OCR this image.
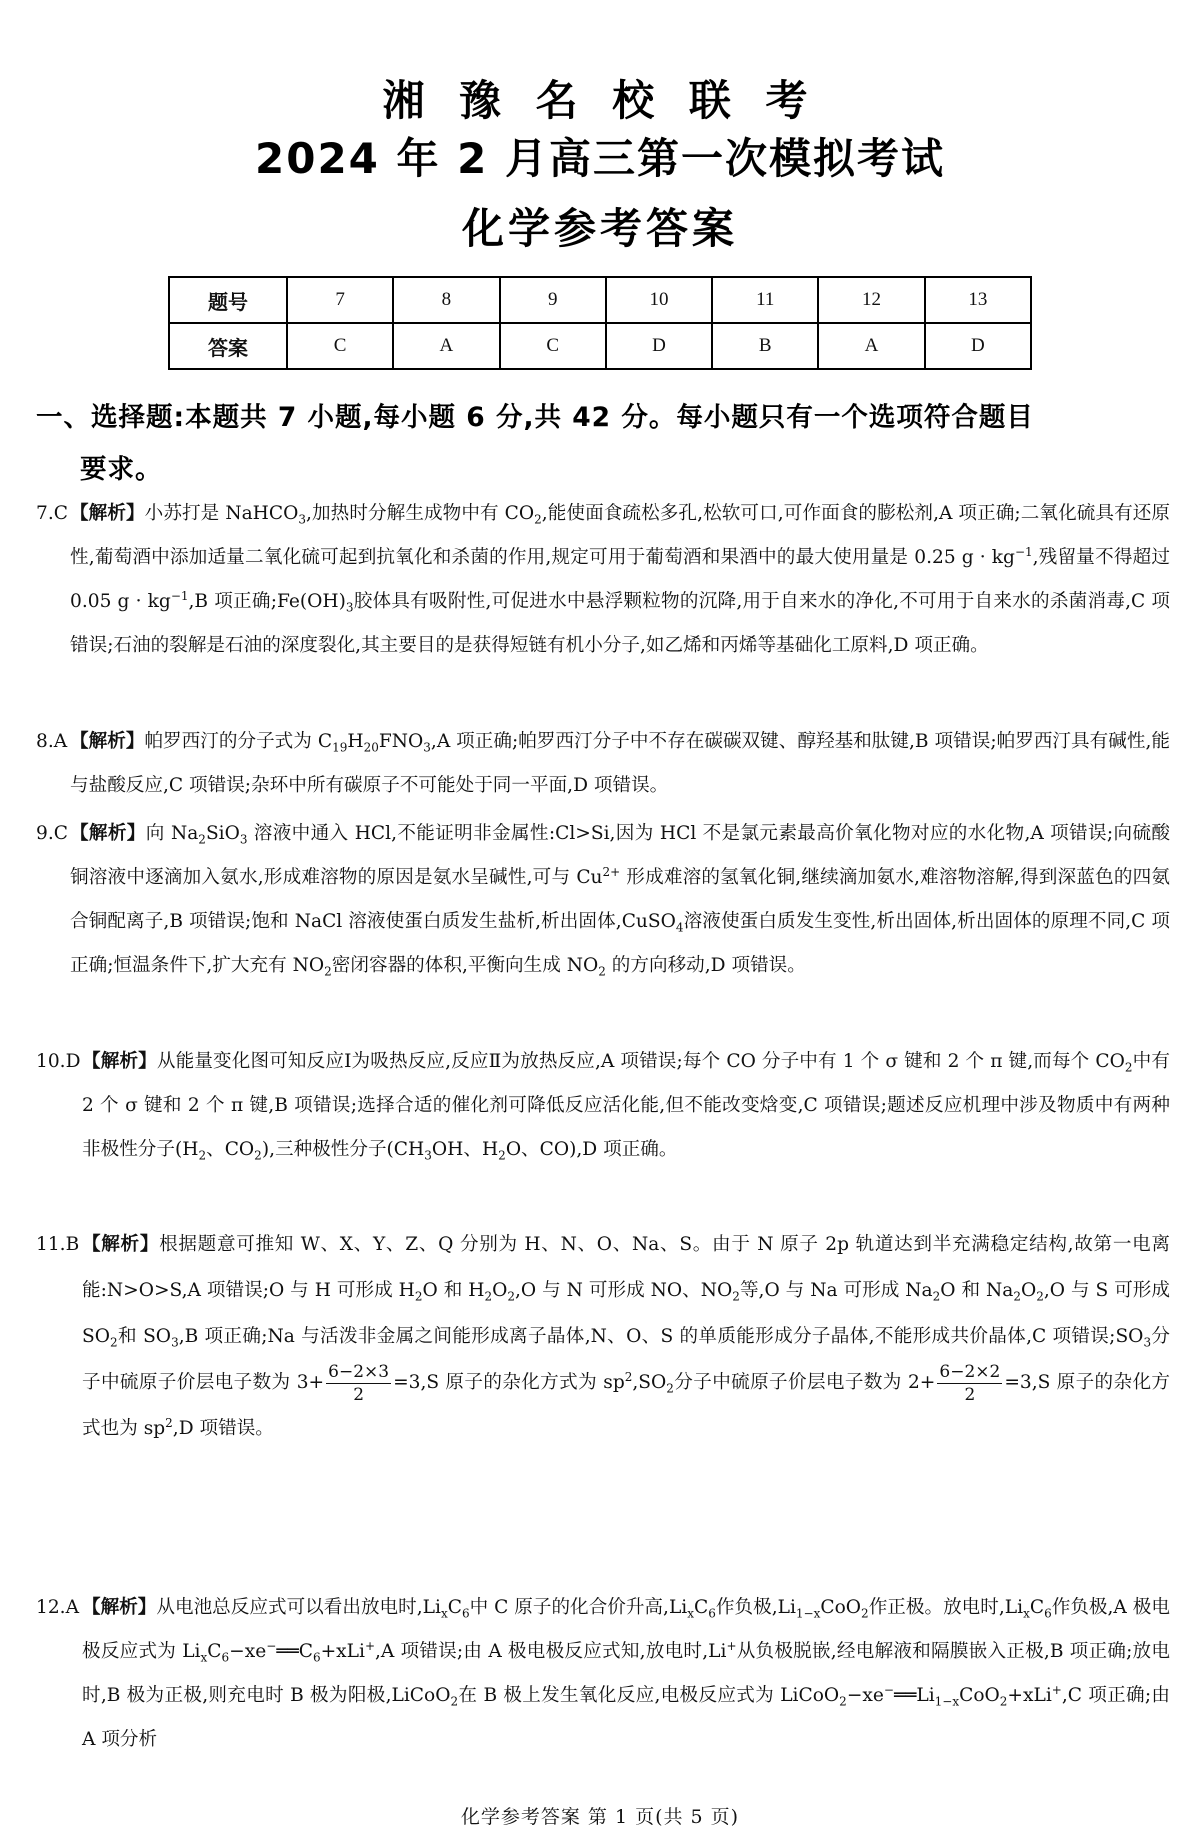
湘 豫 名 校 联 考
2024 年 2 月高三第一次模拟考试
化学参考答案
题号	7	8	9	10	11	12	13
答案	C	A	C	D	B	A	D
一、选择题:本题共 7 小题,每小题 6 分,共 42 分。每小题只有一个选项符合题目
要求。
7.C 【解析】小苏打是 NaHCO$_3$,加热时分解生成物中有 $CO_2$,能使面食疏松多孔,松软可口,可作面食的膨松剂,A 项正确;二氧化硫具有还原性,葡萄酒中添加适量二氧化硫可起到抗氧化和杀菌的作用,规定可用于葡萄酒和果酒中的最大使用量是 0.25 $g \cdot kg^{-1}$,残留量不得超过 0.05 $g \cdot kg^{-1},B$ 项正确$;Fe(OH)_3$胶体具有吸附性,可促进水中悬浮颗粒物的沉降,用于自来水的净化,不可用于自来水的杀菌消毒,C 项错误;石油的裂解是石油的深度裂化,其主要目的是获得短链有机小分子,如乙烯和丙烯等基础化工原料,D 项正确。
8.A 【解析】帕罗西汀的分子式为 $C_{19}H_{20}FNO_3,A$ 项正确;帕罗西汀分子中不存在碳碳双键、醇羟基和肽键,B 项错误;帕罗西汀具有碱性,能与盐酸反应,C 项错误;杂环中所有碳原子不可能处于同一平面,D 项错误。
9.C 【解析】向 $Na_2SiO_3$ 溶液中通入 HCl,不能证明非金属性:Cl>Si,因为 HCl 不是氯元素最高价氧化物对应的水化物,A 项错误;向硫酸铜溶液中逐滴加入氨水,形成难溶物的原因是氨水呈碱性,可与 $Cu^{2+}$ 形成难溶的氢氧化铜,继续滴加氨水,难溶物溶解,得到深蓝色的四氨合铜配离子,B 项错误;饱和 NaCl 溶液使蛋白质发生盐析,析出固体,CuSO$_4$溶液使蛋白质发生变性,析出固体,析出固体的原理不同,C 项正确;恒温条件下,扩大充有 $NO_2$密闭容器的体积,平衡向生成 $NO_2$ 的方向移动,D 项错误。
10.D 【解析】从能量变化图可知反应Ⅰ为吸热反应,反应Ⅱ为放热反应,A 项错误;每个 CO 分子中有 1 个 σ 键和 2 个 π 键,而每个 $CO_2$中有 2 个 σ 键和 2 个 π 键,B 项错误;选择合适的催化剂可降低反应活化能,但不能改变焓变,C 项错误;题述反应机理中涉及物质中有两种非极性分子($H_2$、$CO_2$),三种极性分子($CH_3OH$、$H_2O$、CO),D 项正确。
11.B 【解析】根据题意可推知 W、X、Y、Z、Q 分别为 H、N、O、Na、S。由于 N 原子 2p 轨道达到半充满稳定结构,故第一电离能:N>O>S,A 项错误;O 与 H 可形成 $H_2O$ 和 $H_2O_2,O$ 与 N 可形成 NO、$NO_2$等,O 与 Na 可形成 $Na_2O$ 和 $Na_2O_2,O$ 与 S 可形成 $SO_2$和 $SO_3,B$ 项正确;Na 与活泼非金属之间能形成离子晶体,N、O、S 的单质能形成分子晶体,不能形成共价晶体,C 项错误$;SO_3$分子中硫原子价层电子数为 $3+ \frac{6-2\times 3}{2} =3,S$ 原子的杂化方式为 $sp^2,SO_2$分子中硫原子价层电子数为 $2+ \frac{6-2\times 2}{2} =3,S$ 原子的杂化方式也为 $sp^2,D$ 项错误。
12.A 【解析】从电池总反应式可以看出放电时$,Li_xC_6$中 C 原子的化合价升高$,Li_xC_6$作负极$,Li_{1-x}CoO_2$作正极。放电时$,Li_xC_6$作负极,A 极电极反应式为 $Li_xC_6-xe^-══C_6+xLi^+,A$ 项错误;由 A 极电极反应式知,放电时,Li+从负极脱嵌,经电解液和隔膜嵌入正极,B 项正确;放电时,B 极为正极,则充电时 B 极为阳极,LiCoO$_2$在 B 极上发生氧化反应,电极反应式为 $LiCoO_2-xe^-══Li_{1-x}CoO_2+xLi^+,C$ 项正确;由 A 项分析
化学参考答案 第 1 页(共 5 页)
